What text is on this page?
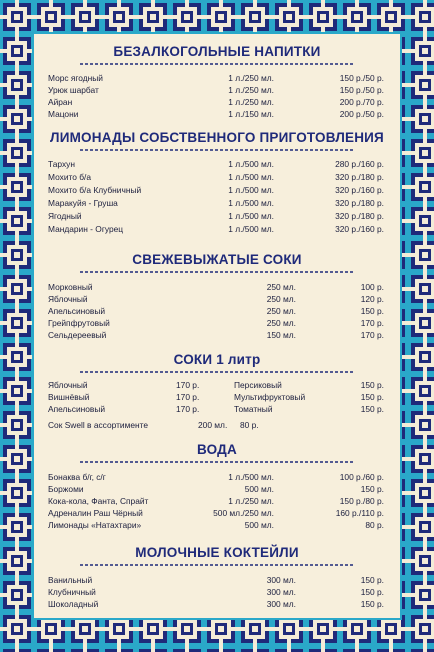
БЕЗАЛКОГОЛЬНЫЕ НАПИТКИ
Морс ягодный	1 л./250 мл.	150 р./50 р.
Урюк шарбат	1 л./250 мл.	150 р./50 р.
Айран	1 л./250 мл.	200 р./70 р.
Мацони	1 л./150 мл.	200 р./50 р.
ЛИМОНАДЫ СОБСТВЕННОГО ПРИГОТОВЛЕНИЯ
Тархун	1 л./500 мл.	280 р./160 р.
Мохито б/а	1 л./500 мл.	320 р./180 р.
Мохито б/а Клубничный	1 л./500 мл.	320 р./160 р.
Маракуйя - Груша	1 л./500 мл.	320 р./180 р.
Ягодный	1 л./500 мл.	320 р./180 р.
Мандарин - Огурец	1 л./500 мл.	320 р./160 р.
СВЕЖЕВЫЖАТЫЕ СОКИ
Морковный	250 мл.	100 р.
Яблочный	250 мл.	120 р.
Апельсиновый	250 мл.	150 р.
Грейпфрутовый	250 мл.	170 р.
Сельдереевый	150 мл.	170 р.
СОКИ 1 литр
Яблочный	170 р.	Персиковый	150 р.
Вишнёвый	170 р.	Мультифруктовый	150 р.
Апельсиновый	170 р.	Томатный	150 р.
Сок Swell в ассортименте	200 мл. 80 р.
ВОДА
Бонаква б/г, с/г	1 л./500 мл.	100 р./60 р.
Боржоми	500 мл.	150 р.
Кока-кола, Фанта, Спрайт	1 л./250 мл.	150 р./80 р.
Адреналин Раш Чёрный	500 мл./250 мл.	160 р./110 р.
Лимонады «Натахтари»	500 мл.	80 р.
МОЛОЧНЫЕ КОКТЕЙЛИ
Ванильный	300 мл.	150 р.
Клубничный	300 мл.	150 р.
Шоколадный	300 мл.	150 р.
